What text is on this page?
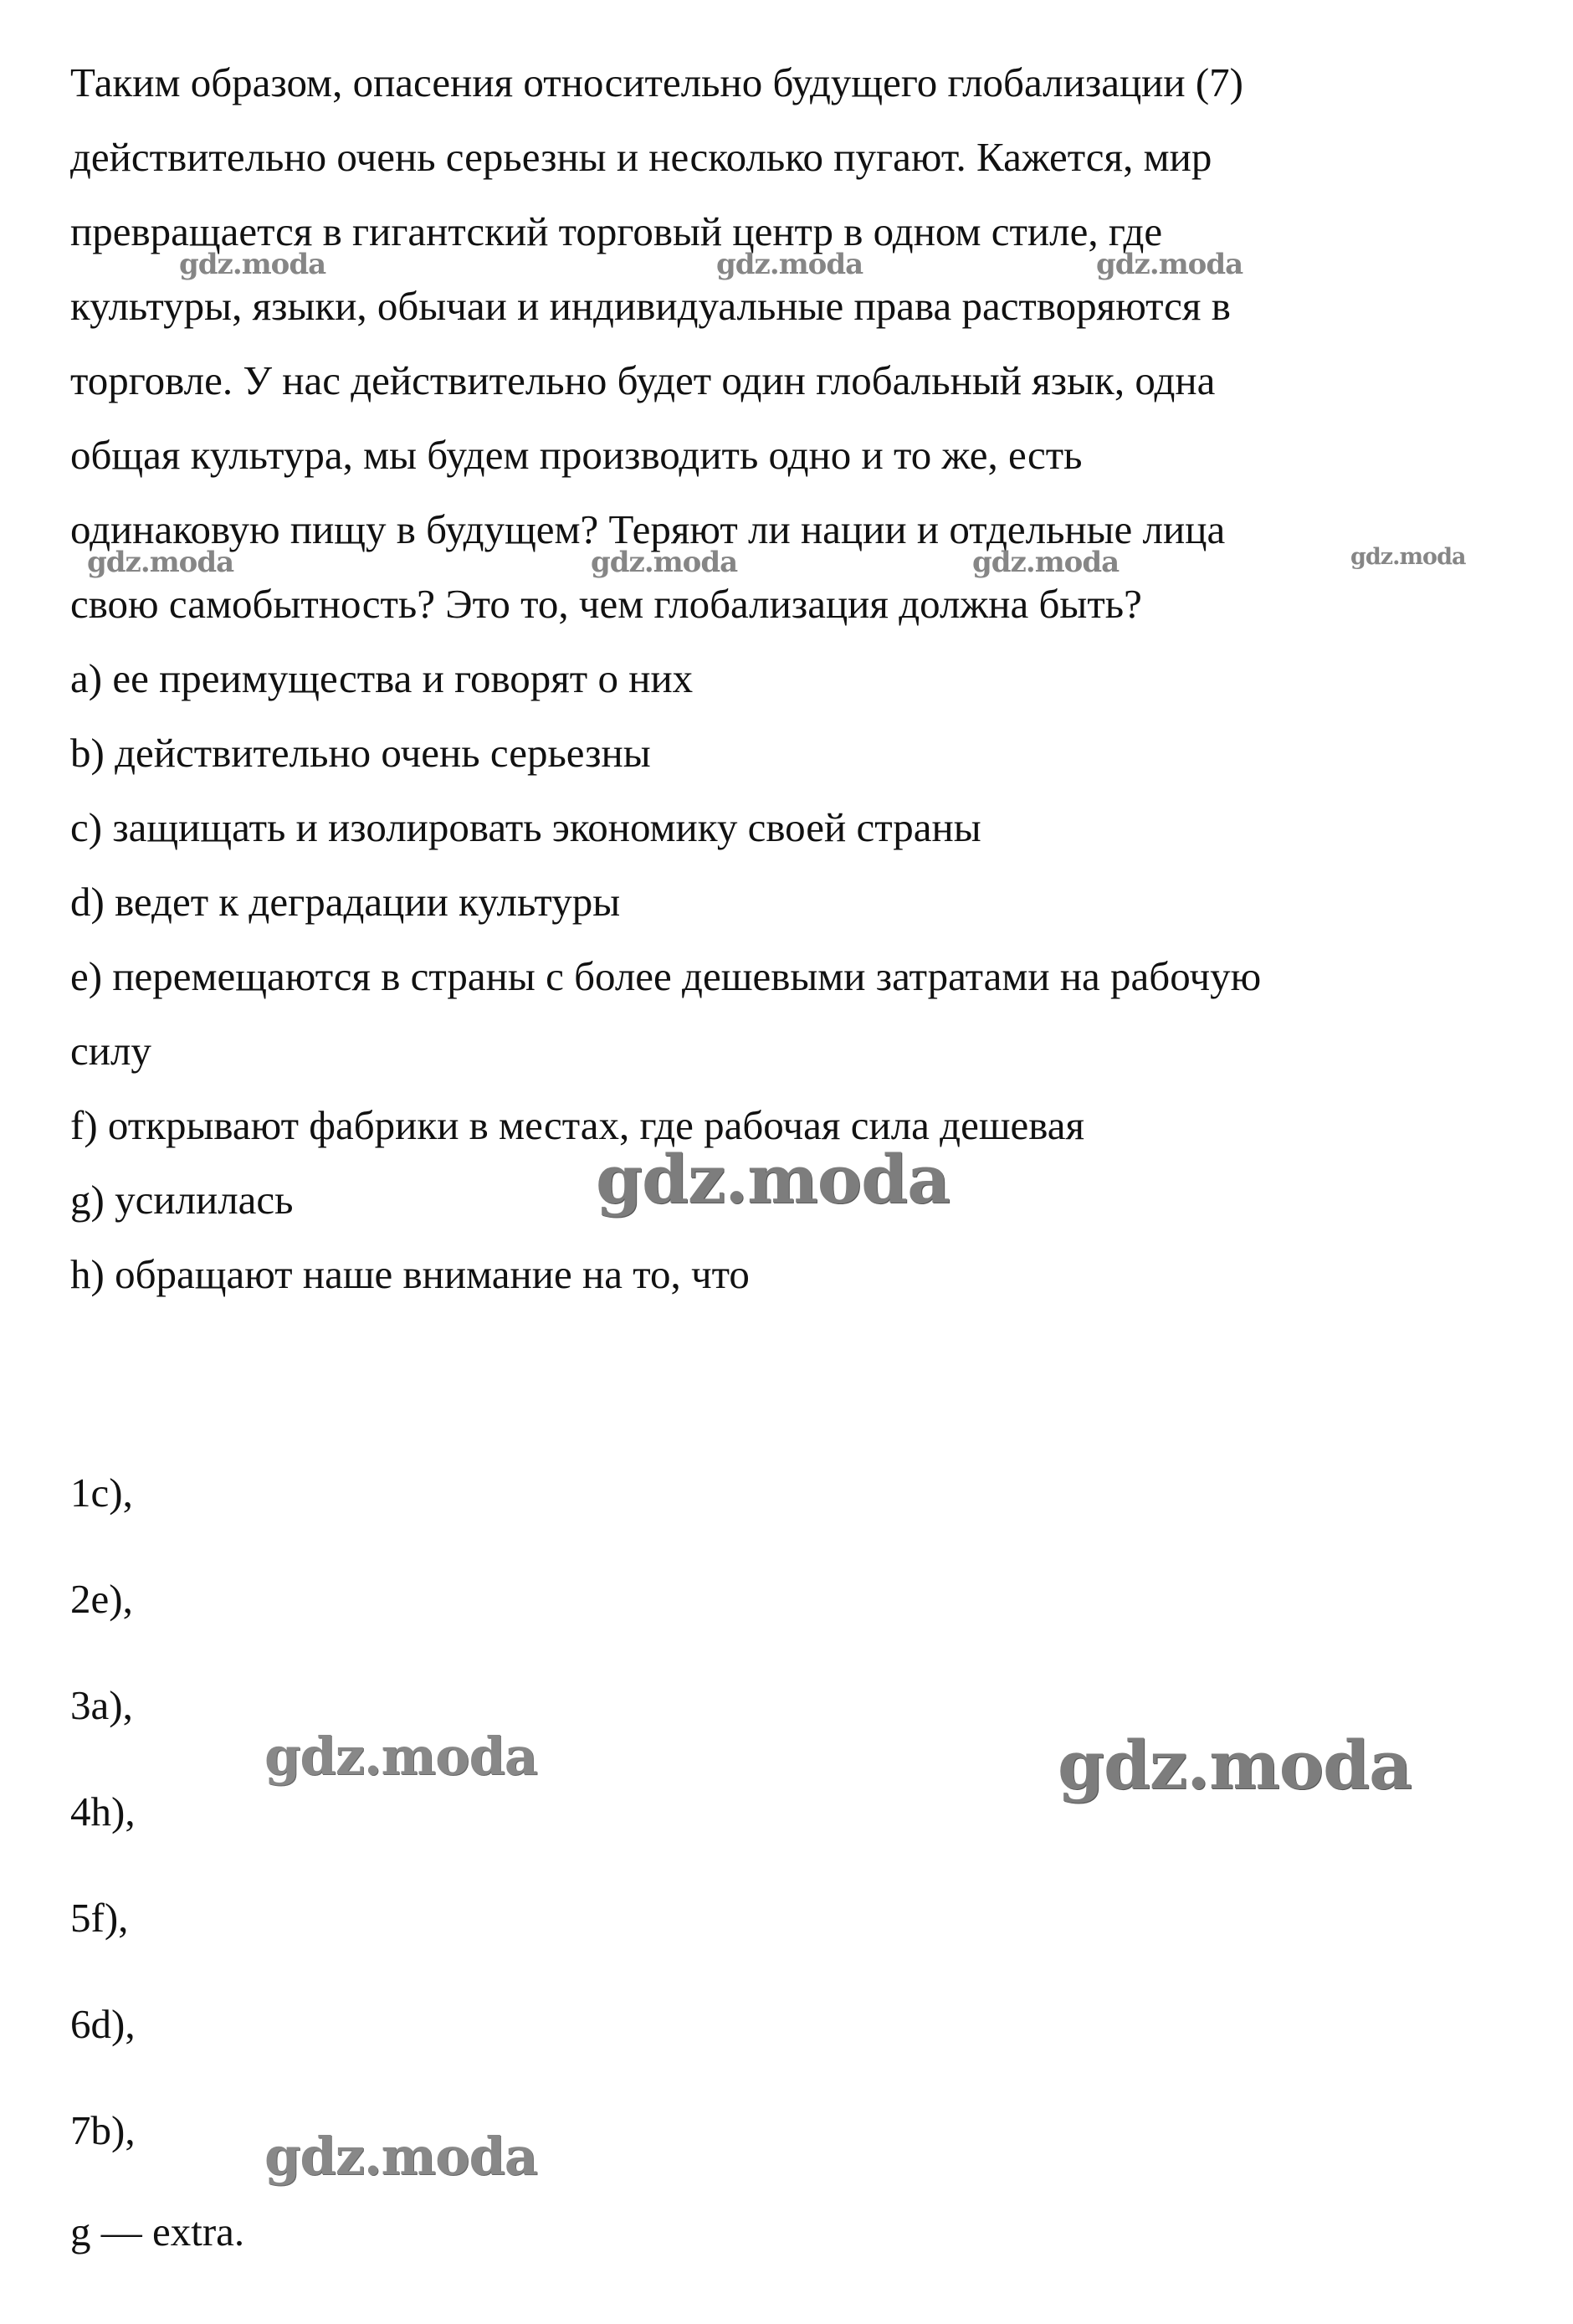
Таким образом, опасения относительно будущего глобализации (7)

действительно очень серьезны и несколько пугают. Кажется, мир

превращается в гигантский торговый центр в одном стиле, где

культуры, языки, обычаи и индивидуальные права растворяются в

торговле. У нас действительно будет один глобальный язык, одна

общая культура, мы будем производить одно и то же, есть

одинаковую пищу в будущем? Теряют ли нации и отдельные лица

свою самобытность? Это то, чем глобализация должна быть?

a) ее преимущества и говорят о них

b) действительно очень серьезны

c) защищать и изолировать экономику своей страны

d) ведет к деградации культуры

e) перемещаются в страны с более дешевыми затратами на рабочую

силу

f) открывают фабрики в местах, где рабочая сила дешевая

g) усилилась

h) обращают наше внимание на то, что

1c),

2e),

3a),

4h),

5f),

6d),

7b),

g — extra.

gdz.moda	gdz.moda	gdz.moda
gdz.moda	gdz.moda	gdz.moda	gdz.moda
gdz.moda
gdz.moda	gdz.moda
gdz.moda
